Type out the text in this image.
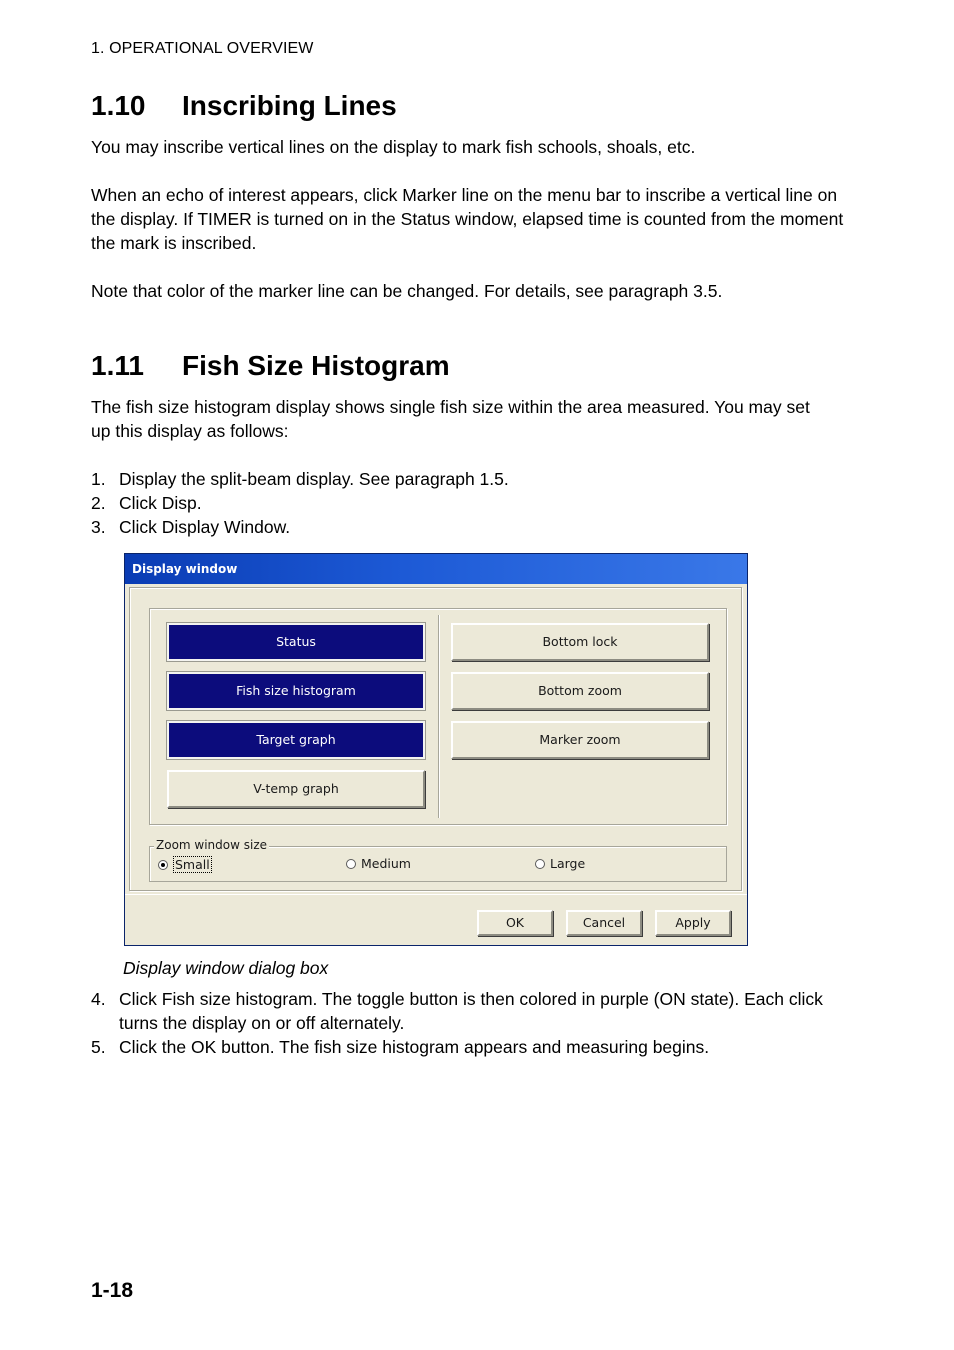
1. OPERATIONAL OVERVIEW
1.10 Inscribing Lines
You may inscribe vertical lines on the display to mark fish schools, shoals, etc.
When an echo of interest appears, click Marker line on the menu bar to inscribe a vertical line on the display. If TIMER is turned on in the Status window, elapsed time is counted from the moment the mark is inscribed.
Note that color of the marker line can be changed. For details, see paragraph 3.5.
1.11 Fish Size Histogram
The fish size histogram display shows single fish size within the area measured. You may set up this display as follows:
1. Display the split-beam display. See paragraph 1.5.
2. Click Disp.
3. Click Display Window.
Display window
Status
Fish size histogram
Target graph
V-temp graph
Bottom lock
Bottom zoom
Marker zoom
Zoom window size
Small	Medium	Large
OK	Cancel	Apply
Display window dialog box
4. Click Fish size histogram. The toggle button is then colored in purple (ON state). Each click turns the display on or off alternately.
5. Click the OK button. The fish size histogram appears and measuring begins.
1-18
